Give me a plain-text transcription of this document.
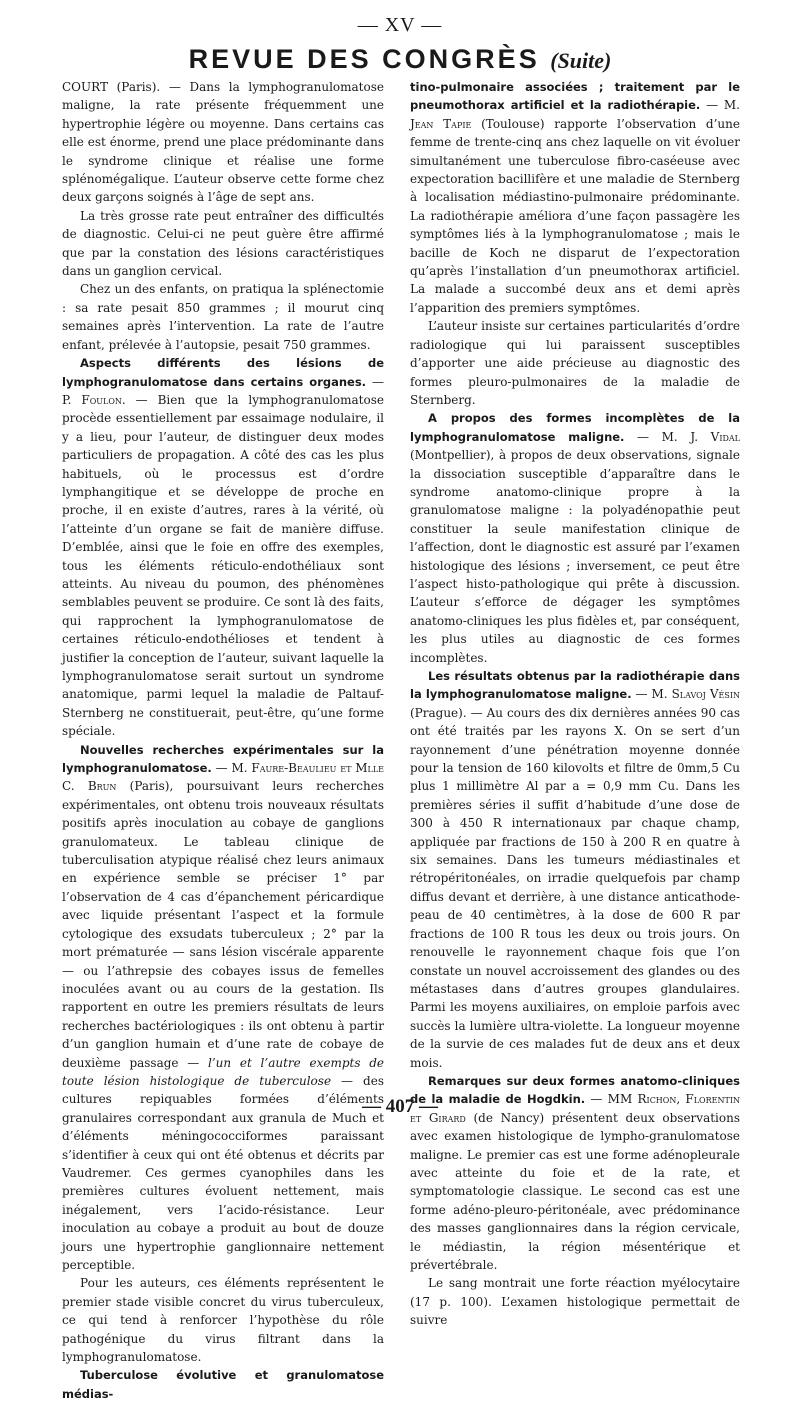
— XV —
REVUE DES CONGRÈS (Suite)

COURT (Paris). — Dans la lymphogranulomatose maligne, la rate présente fréquemment une hypertrophie légère ou moyenne. Dans certains cas elle est énorme, prend une place prédominante dans le syndrome clinique et réalise une forme splénomégalique. L’auteur observe cette forme chez deux garçons soignés à l’âge de sept ans.

La très grosse rate peut entraîner des difficultés de diagnostic. Celui-ci ne peut guère être affirmé que par la constation des lésions caractéristiques dans un ganglion cervical.

Chez un des enfants, on pratiqua la splénectomie : sa rate pesait 850 grammes ; il mourut cinq semaines après l’intervention. La rate de l’autre enfant, prélevée à l’autopsie, pesait 750 grammes.

Aspects différents des lésions de lymphogranulomatose dans certains organes. — P. Foulon. — Bien que la lymphogranulomatose procède essentiellement par essaimage nodulaire, il y a lieu, pour l’auteur, de distinguer deux modes particuliers de propagation. A côté des cas les plus habituels, où le processus est d’ordre lymphangitique et se développe de proche en proche, il en existe d’autres, rares à la vérité, où l’atteinte d’un organe se fait de manière diffuse. D’emblée, ainsi que le foie en offre des exemples, tous les éléments réticulo-endothéliaux sont atteints. Au niveau du poumon, des phénomènes semblables peuvent se produire. Ce sont là des faits, qui rapprochent la lymphogranulomatose de certaines réticulo-endothélioses et tendent à justifier la conception de l’auteur, suivant laquelle la lymphogranulomatose serait surtout un syndrome anatomique, parmi lequel la maladie de Paltauf-Sternberg ne constituerait, peut-être, qu’une forme spéciale.

Nouvelles recherches expérimentales sur la lymphogranulomatose. — M. Faure-Beaulieu et Mlle C. Brun (Paris), poursuivant leurs recherches expérimentales, ont obtenu trois nouveaux résultats positifs après inoculation au cobaye de ganglions granulomateux. Le tableau clinique de tuberculisation atypique réalisé chez leurs animaux en expérience semble se préciser 1° par l’observation de 4 cas d’épanchement péricardique avec liquide présentant l’aspect et la formule cytologique des exsudats tuberculeux ; 2° par la mort prématurée — sans lésion viscérale apparente — ou l’athrepsie des cobayes issus de femelles inoculées avant ou au cours de la gestation. Ils rapportent en outre les premiers résultats de leurs recherches bactériologiques : ils ont obtenu à partir d’un ganglion humain et d’une rate de cobaye de deuxième passage — l’un et l’autre exempts de toute lésion histologique de tuberculose — des cultures repiquables formées d’éléments granulaires correspondant aux granula de Much et d’éléments méningococciformes paraissant s’identifier à ceux qui ont été obtenus et décrits par Vaudremer. Ces germes cyanophiles dans les premières cultures évoluent nettement, mais inégalement, vers l’acido-résistance. Leur inoculation au cobaye a produit au bout de douze jours une hypertrophie ganglionnaire nettement perceptible.

Pour les auteurs, ces éléments représentent le premier stade visible concret du virus tuberculeux, ce qui tend à renforcer l’hypothèse du rôle pathogénique du virus filtrant dans la lymphogranulomatose.

Tuberculose évolutive et granulomatose médias-

tino-pulmonaire associées ; traitement par le pneumothorax artificiel et la radiothérapie. — M. Jean Tapie (Toulouse) rapporte l’observation d’une femme de trente-cinq ans chez laquelle on vit évoluer simultanément une tuberculose fibro-caséeuse avec expectoration bacillifère et une maladie de Sternberg à localisation médiastino-pulmonaire prédominante. La radiothérapie améliora d’une façon passagère les symptômes liés à la lymphogranulomatose ; mais le bacille de Koch ne disparut de l’expectoration qu’après l’installation d’un pneumothorax artificiel. La malade a succombé deux ans et demi après l’apparition des premiers symptômes.

L’auteur insiste sur certaines particularités d’ordre radiologique qui lui paraissent susceptibles d’apporter une aide précieuse au diagnostic des formes pleuro-pulmonaires de la maladie de Sternberg.

A propos des formes incomplètes de la lymphogranulomatose maligne. — M. J. Vidal (Montpellier), à propos de deux observations, signale la dissociation susceptible d’apparaître dans le syndrome anatomo-clinique propre à la granulomatose maligne : la polyadénopathie peut constituer la seule manifestation clinique de l’affection, dont le diagnostic est assuré par l’examen histologique des lésions ; inversement, ce peut être l’aspect histo-pathologique qui prête à discussion. L’auteur s’efforce de dégager les symptômes anatomo-cliniques les plus fidèles et, par conséquent, les plus utiles au diagnostic de ces formes incomplètes.

Les résultats obtenus par la radiothérapie dans la lymphogranulomatose maligne. — M. Slavoj Vésin (Prague). — Au cours des dix dernières années 90 cas ont été traités par les rayons X. On se sert d’un rayonnement d’une pénétration moyenne donnée pour la tension de 160 kilovolts et filtre de 0mm,5 Cu plus 1 millimètre Al par a = 0,9 mm Cu. Dans les premières séries il suffit d’habitude d’une dose de 300 à 450 R internationaux par chaque champ, appliquée par fractions de 150 à 200 R en quatre à six semaines. Dans les tumeurs médiastinales et rétropéritonéales, on irradie quelquefois par champ diffus devant et derrière, à une distance anticathode-peau de 40 centimètres, à la dose de 600 R par fractions de 100 R tous les deux ou trois jours. On renouvelle le rayonnement chaque fois que l’on constate un nouvel accroissement des glandes ou des métastases dans d’autres groupes glandulaires. Parmi les moyens auxiliaires, on emploie parfois avec succès la lumière ultra-violette. La longueur moyenne de la survie de ces malades fut de deux ans et deux mois.

Remarques sur deux formes anatomo-cliniques de la maladie de Hogdkin. — MM Richon, Florentin et Girard (de Nancy) présentent deux observations avec examen histologique de lympho-granulomatose maligne. Le premier cas est une forme adénopleurale avec atteinte du foie et de la rate, et symptomatologie classique. Le second cas est une forme adéno-pleuro-péritonéale, avec prédominance des masses ganglionnaires dans la région cervicale, le médiastin, la région mésentérique et prévertébrale.

Le sang montrait une forte réaction myélocytaire (17 p. 100). L’examen histologique permettait de suivre

— 407 —
